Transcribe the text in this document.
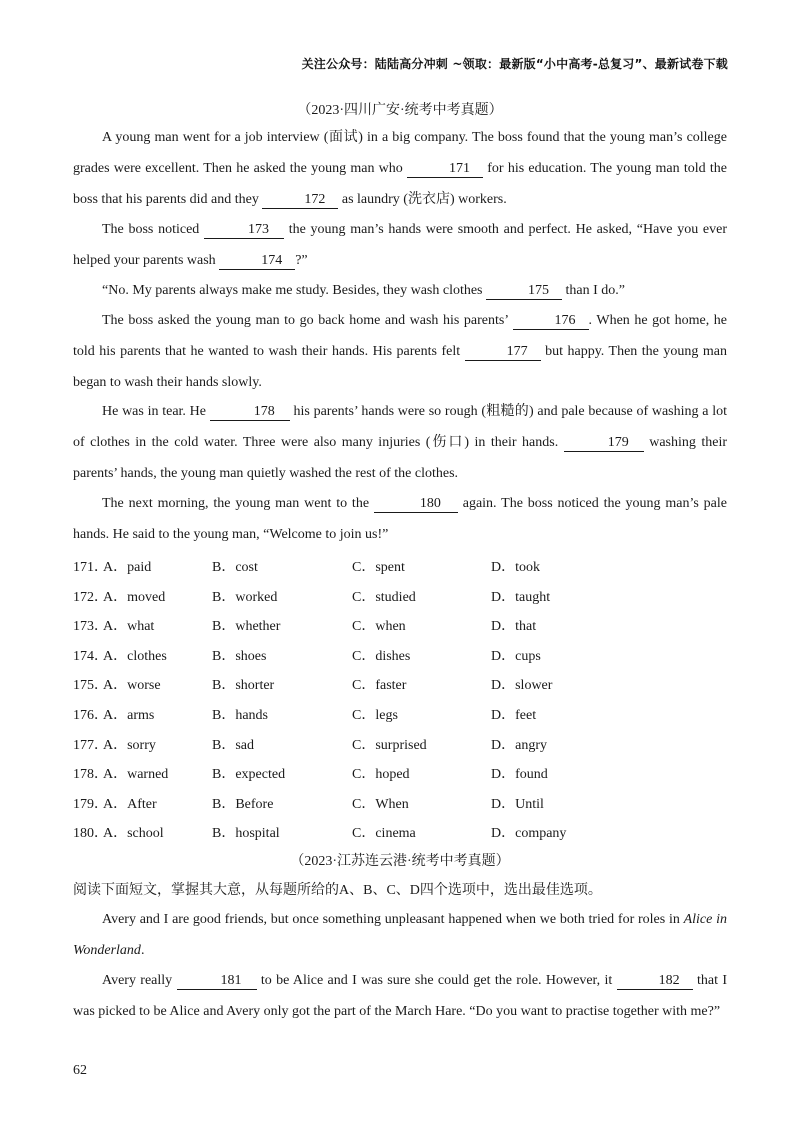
关注公众号：陆陆高分冲刺 ~领取：最新版“小中高考-总复习”、最新试卷下载
（2023·四川广安·统考中考真题）
A young man went for a job interview (面试) in a big company. The boss found that the young man’s college grades were excellent. Then he asked the young man who	171 for his education. The young man told the boss that his parents did and they	172 as laundry (洗衣店) workers.
The boss noticed	173 the young man’s hands were smooth and perfect. He asked, “Have you ever helped your parents wash	174 ?”
“No. My parents always make me study. Besides, they wash clothes	175 than I do.”
The boss asked the young man to go back home and wash his parents’	176 . When he got home, he told his parents that he wanted to wash their hands. His parents felt	177 but happy. Then the young man began to wash their hands slowly.
He was in tear. He	178 his parents’ hands were so rough (粗糙的) and pale because of washing a lot of clothes in the cold water. Three were also many injuries (伤口) in their hands.	179 washing their parents’ hands, the young man quietly washed the rest of the clothes.
The next morning, the young man went to the	180 again. The boss noticed the young man’s pale hands. He said to the young man, “Welcome to join us!”
171．
A．paid	B．cost	C．spent	D．took
172．
A．moved	B．worked	C．studied	D．taught
173．
A．what	B．whether	C．when	D．that
174．
A．clothes	B．shoes	C．dishes	D．cups
175．
A．worse	B．shorter	C．faster	D．slower
176．
A．arms	B．hands	C．legs	D．feet
177．
A．sorry	B．sad	C．surprised	D．angry
178．
A．warned	B．expected	C．hoped	D．found
179．
A．After	B．Before	C．When	D．Until
180．
A．school	B．hospital	C．cinema	D．company
（2023·江苏连云港·统考中考真题）
阅读下面短文，掌握其大意，从每题所给的A、B、C、D四个选项中，选出最佳选项。
Avery and I are good friends, but once something unpleasant happened when we both tried for roles in Alice in Wonderland.
Avery really	181 to be Alice and I was sure she could get the role. However, it	182 that I was picked to be Alice and Avery only got the part of the March Hare. “Do you want to practise together with me?”
62
